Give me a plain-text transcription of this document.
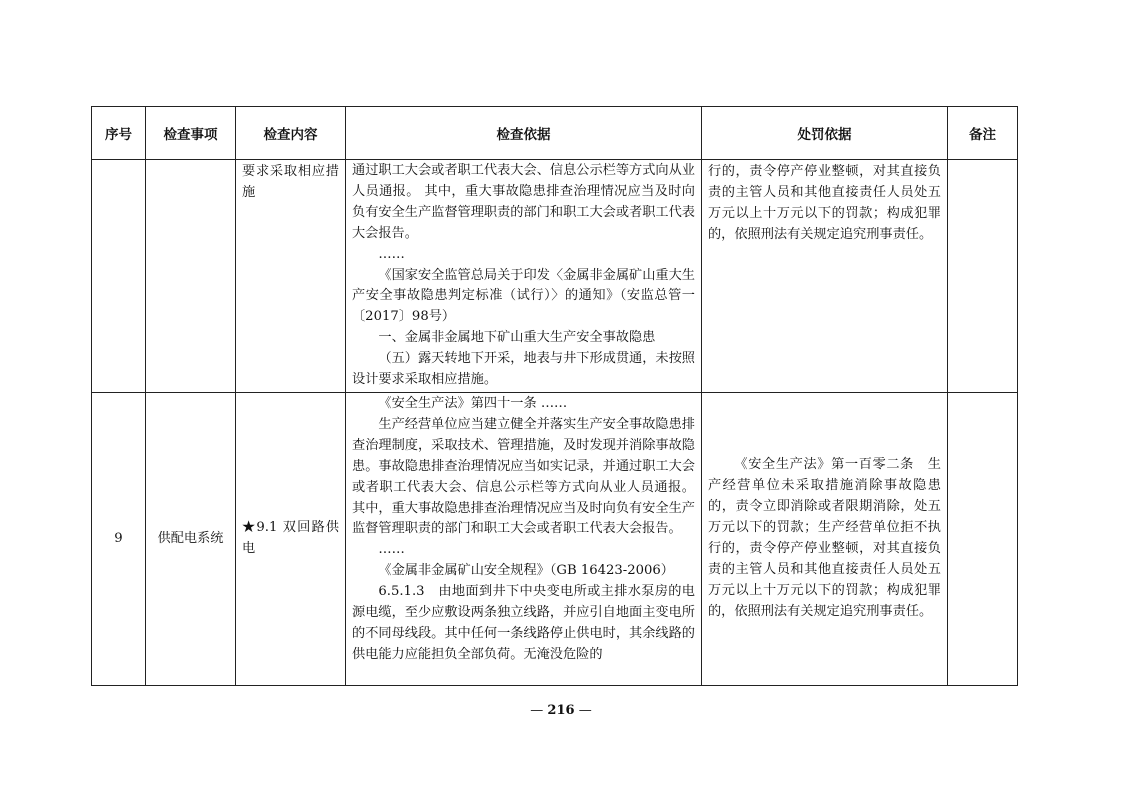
序号	检查事项	检查内容	检查依据	处罚依据	备注
		要求采取相应措施	通过职工大会或者职工代表大会、信息公示栏等方式向从业人员通报。 其中，重大事故隐患排查治理情况应当及时向负有安全生产监督管理职责的部门和职工大会或者职工代表大会报告。
……
《国家安全监管总局关于印发〈金属非金属矿山重大生产安全事故隐患判定标准（试行）〉的通知》（安监总管一〔2017〕98号）
一、金属非金属地下矿山重大生产安全事故隐患
（五）露天转地下开采，地表与井下形成贯通，未按照设计要求采取相应措施。	行的，责令停产停业整顿，对其直接负责的主管人员和其他直接责任人员处五万元以上十万元以下的罚款；构成犯罪的，依照刑法有关规定追究刑事责任。	
9	供配电系统	★9.1 双回路供电	《安全生产法》第四十一条 ……
生产经营单位应当建立健全并落实生产安全事故隐患排查治理制度，采取技术、管理措施，及时发现并消除事故隐患。事故隐患排查治理情况应当如实记录，并通过职工大会或者职工代表大会、信息公示栏等方式向从业人员通报。 其中，重大事故隐患排查治理情况应当及时向负有安全生产监督管理职责的部门和职工大会或者职工代表大会报告。
……
《金属非金属矿山安全规程》（GB 16423-2006）
6.5.1.3　由地面到井下中央变电所或主排水泵房的电源电缆，至少应敷设两条独立线路，并应引自地面主变电所的不同母线段。其中任何一条线路停止供电时，其余线路的供电能力应能担负全部负荷。无淹没危险的	《安全生产法》第一百零二条　生产经营单位未采取措施消除事故隐患的，责令立即消除或者限期消除，处五万元以下的罚款；生产经营单位拒不执行的，责令停产停业整顿，对其直接负责的主管人员和其他直接责任人员处五万元以上十万元以下的罚款；构成犯罪的，依照刑法有关规定追究刑事责任。	
— 216 —
